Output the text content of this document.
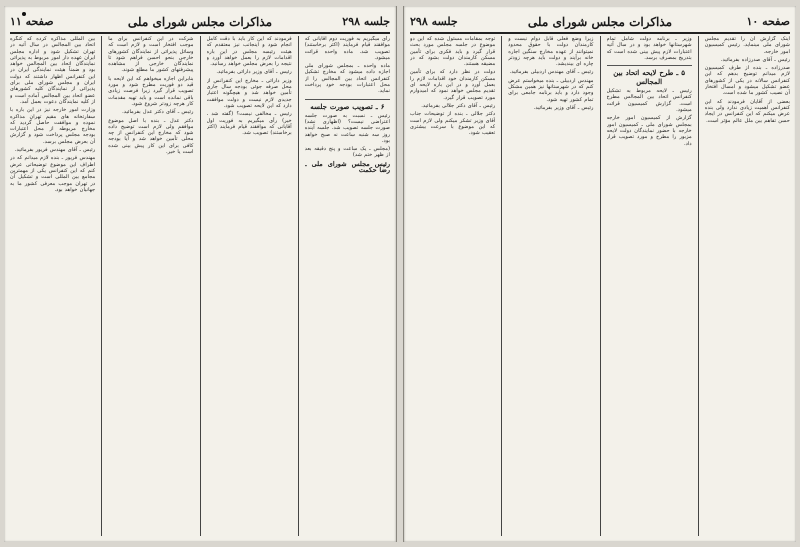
جلسه ۲۹۸
مذاکرات مجلس شورای ملی
صفحه ۱۱
بین المللی مذاکره کرده که کنگره اتحاد بین المجالس در سال آتیه در تهران تشکیل شود و اداره مجلس ایران عهده دار امور مربوط به پذیرائی نمایندگان اتحاد بین المجالس خواهد بود و ضمناً هیئت نمایندگی ایران در این کنفرانس اظهار داشتند که دولت ایران و مجلس شورای ملی برای پذیرائی از نمایندگان کلیه کشورهای عضو اتحاد بین المجالس آماده است و از کلیه نمایندگان دعوت بعمل آمد.
وزارت امور خارجه نیز در این باره با سفارتخانه های مقیم تهران مذاکره نموده و موافقت حاصل گردید که مخارج مربوطه از محل اعتبارات بودجه مجلس پرداخت شود و گزارش آن بعرض مجلس برسد.
رئیس ـ آقای مهندس فریور بفرمائید.
مهندس فریور ـ بنده لازم میدانم که در اطراف این موضوع توضیحاتی عرض کنم که این کنفرانس یکی از مهمترین مجامع بین المللی است و تشکیل آن در تهران موجب معرفی کشور ما به جهانیان خواهد بود.
شرکت در این کنفرانس برای ما موجب افتخار است و لازم است که وسائل پذیرائی از نمایندگان کشورهای خارجی بنحو احسن فراهم شود تا نمایندگان خارجی از مشاهده پیشرفتهای کشور ما مطلع شوند.
بنابراین اجازه میخواهم که این لایحه با قید دو فوریت مطرح شود و مورد تصویب قرار گیرد زیرا فرصت زیادی باقی نمانده است و باید تهیه مقدمات کار هرچه زودتر شروع شود.
رئیس ـ آقای دکتر عدل بفرمائید.
دکتر عدل ـ بنده با اصل موضوع موافقم ولی لازم است توضیح داده شود که مخارج این کنفرانس از چه محلی تأمین خواهد شد و آیا بودجه کافی برای این کار پیش بینی شده است یا خیر.
فرمودند که این کار باید با دقت کامل انجام شود و اینجانب نیز معتقدم که هیئت رئیسه مجلس در این باره اقدامات لازم را بعمل خواهد آورد و نتیجه را بعرض مجلس خواهد رسانید.
رئیس ـ آقای وزیر دارائی بفرمائید.
وزیر دارائی ـ مخارج این کنفرانس از محل صرفه جوئی بودجه سال جاری تأمین خواهد شد و هیچگونه اعتبار جدیدی لازم نیست و دولت موافقت دارد که این لایحه تصویب شود.
رئیس ـ مخالفی نیست؟ (گفته شد ـ خیر) رأی میگیریم به فوریت اول آقایانی که موافقند قیام فرمایند (اکثر برخاستند) تصویب شد.
رأی میگیریم به فوریت دوم آقایانی که موافقند قیام فرمایند (اکثر برخاستند) تصویب شد. ماده واحده قرائت میشود.
ماده واحده ـ بمجلس شورای ملی اجازه داده میشود که مخارج تشکیل کنفرانس اتحاد بین المجالس را از محل اعتبارات بودجه خود پرداخت نماید.
۶ ـ تصویب صورت جلسه
رئیس ـ نسبت به صورت جلسه اعتراضی نیست؟ (اظهاری نشد) صورت جلسه تصویب شد. جلسه آینده روز سه شنبه ساعت نه صبح خواهد بود.
(مجلس ـ یک ساعت و پنج دقیقه بعد از ظهر ختم شد)
رئیس مجلس شورای ملی ـ رضا حکمت
صفحه ۱۰
مذاکرات مجلس شورای ملی
جلسه ۲۹۸
توجه بمقامات مسئول شده که این دو موضوع در جلسه مجلس مورد بحث قرار گیرد و باید فکری برای تأمین مسکن کارمندان دولت بشود که در مضیقه هستند.
دولت در نظر دارد که برای تأمین مسکن کارمندان خود اقدامات لازم را بعمل آورد و در این باره لایحه ای تقدیم مجلس خواهد نمود که امیدوارم مورد تصویب قرار گیرد.
رئیس ـ آقای دکتر جلالی بفرمائید.
دکتر جلالی ـ بنده از توضیحات جناب آقای وزیر تشکر میکنم ولی لازم است که این موضوع با سرعت بیشتری تعقیب شود.
زیرا وضع فعلی قابل دوام نیست و کارمندان دولت با حقوق محدود نمیتوانند از عهده مخارج سنگین اجاره خانه برآیند و دولت باید هرچه زودتر چاره ای بیندیشد.
رئیس ـ آقای مهندس اردبیلی بفرمائید.
مهندس اردبیلی ـ بنده میخواستم عرض کنم که در شهرستانها نیز همین مشکل وجود دارد و باید برنامه جامعی برای تمام کشور تهیه شود.
رئیس ـ آقای وزیر بفرمائید.
وزیر ـ برنامه دولت شامل تمام شهرستانها خواهد بود و در سال آتیه اعتبارات لازم پیش بینی شده است که بتدریج بمصرف برسد.
۵ ـ طرح لایحه اتحاد بین المجالس
رئیس ـ لایحه مربوط به تشکیل کنفرانس اتحاد بین المجالس مطرح است. گزارش کمیسیون قرائت میشود.
گزارش از کمیسیون امور خارجه بمجلس شورای ملی ـ کمیسیون امور خارجه با حضور نمایندگان دولت لایحه مزبور را مطرح و مورد تصویب قرار داد.
اینک گزارش آن را تقدیم مجلس شورای ملی مینماید. رئیس کمیسیون امور خارجه.
رئیس ـ آقای صدرزاده بفرمائید.
صدرزاده ـ بنده از طرف کمیسیون لازم میدانم توضیح بدهم که این کنفرانس سالانه در یکی از کشورهای عضو تشکیل میشود و امسال افتخار آن نصیب کشور ما شده است.
بعضی از آقایان فرمودند که این کنفرانس اهمیت زیادی ندارد ولی بنده عرض میکنم که این کنفرانس در ایجاد حسن تفاهم بین ملل عالم مؤثر است.
